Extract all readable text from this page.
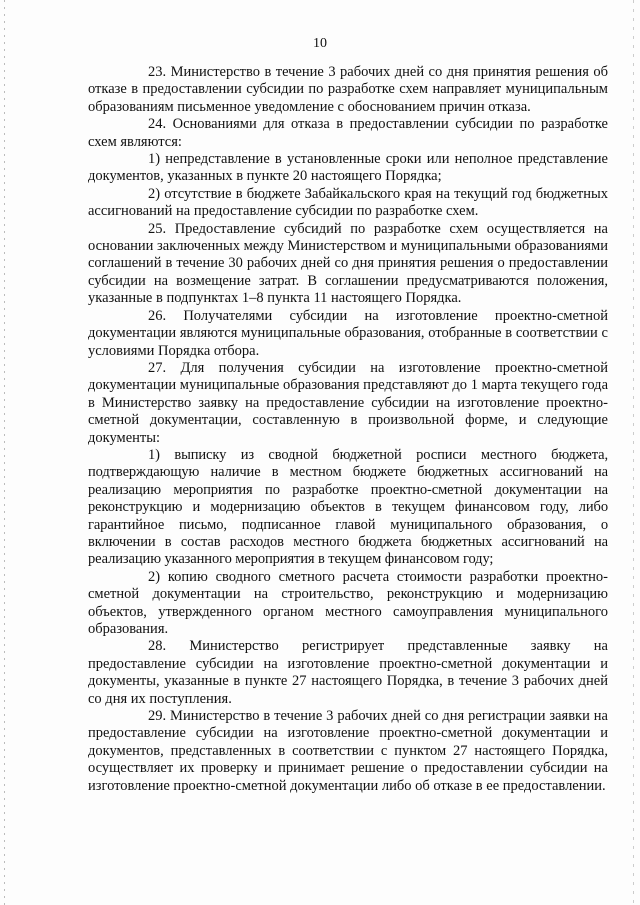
10

23. Министерство в течение 3 рабочих дней со дня принятия решения об отказе в предоставлении субсидии по разработке схем направляет муниципальным образованиям письменное уведомление с обоснованием причин отказа.

24. Основаниями для отказа в предоставлении субсидии по разработке схем являются:

1) непредставление в установленные сроки или неполное представление документов, указанных в пункте 20 настоящего Порядка;

2) отсутствие в бюджете Забайкальского края на текущий год бюджетных ассигнований на предоставление субсидии по разработке схем.

25. Предоставление субсидий по разработке схем осуществляется на основании заключенных между Министерством и муниципальными образованиями соглашений в течение 30 рабочих дней со дня принятия решения о предоставлении субсидии на возмещение затрат. В соглашении предусматриваются положения, указанные в подпунктах 1–8 пункта 11 настоящего Порядка.

26. Получателями субсидии на изготовление проектно-сметной документации являются муниципальные образования, отобранные в соответствии с условиями Порядка отбора.

27. Для получения субсидии на изготовление проектно-сметной документации муниципальные образования представляют до 1 марта текущего года в Министерство заявку на предоставление субсидии на изготовление проектно-сметной документации, составленную в произвольной форме, и следующие документы:

1) выписку из сводной бюджетной росписи местного бюджета, подтверждающую наличие в местном бюджете бюджетных ассигнований на реализацию мероприятия по разработке проектно-сметной документации на реконструкцию и модернизацию объектов в текущем финансовом году, либо гарантийное письмо, подписанное главой муниципального образования, о включении в состав расходов местного бюджета бюджетных ассигнований на реализацию указанного мероприятия в текущем финансовом году;

2) копию сводного сметного расчета стоимости разработки проектно-сметной документации на строительство, реконструкцию и модернизацию объектов, утвержденного органом местного самоуправления муниципального образования.

28. Министерство регистрирует представленные заявку на предоставление субсидии на изготовление проектно-сметной документации и документы, указанные в пункте 27 настоящего Порядка, в течение 3 рабочих дней со дня их поступления.

29. Министерство в течение 3 рабочих дней со дня регистрации заявки на предоставление субсидии на изготовление проектно-сметной документации и документов, представленных в соответствии с пунктом 27 настоящего Порядка, осуществляет их проверку и принимает решение о предоставлении субсидии на изготовление проектно-сметной документации либо об отказе в ее предоставлении.
